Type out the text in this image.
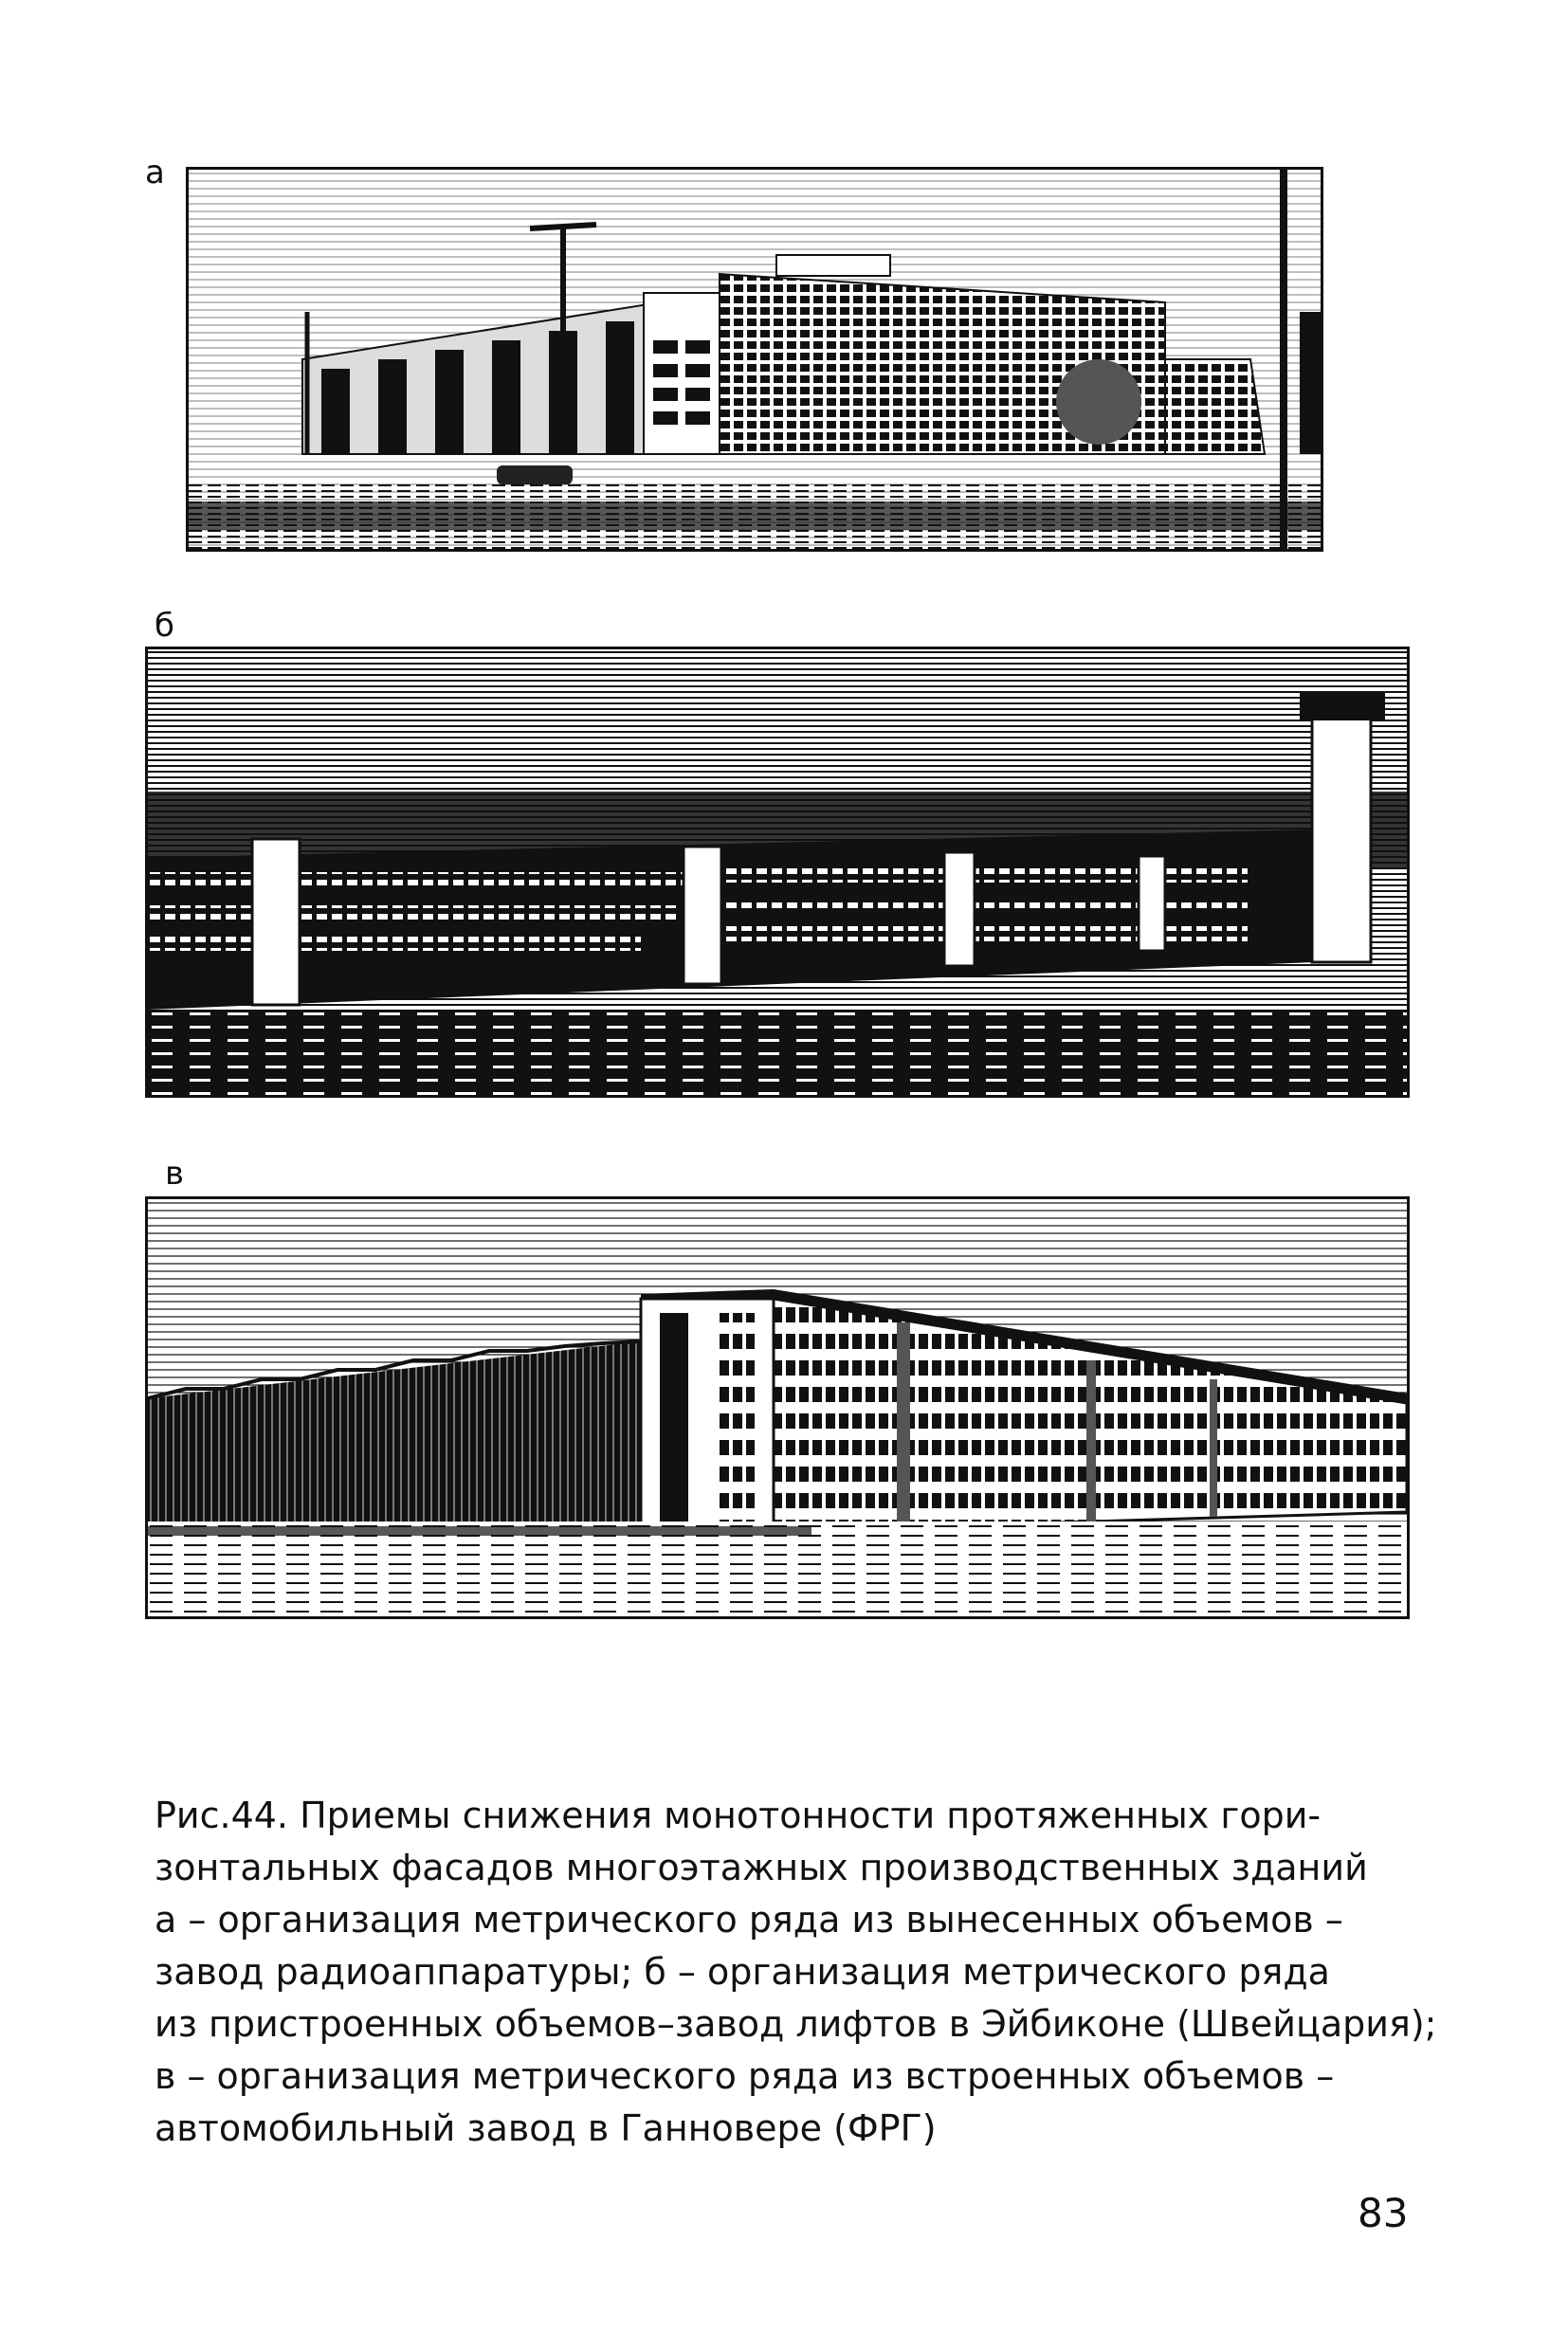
а
б
в
Рис.44. Приемы снижения монотонности протяженных гори-
зонтальных фасадов многоэтажных производственных зданий
а – организация метрического ряда из вынесенных объемов –
завод радиоаппаратуры; б – организация метрического ряда
из пристроенных объемов–завод лифтов в Эйбиконе (Швейцария);
в – организация метрического ряда из встроенных объемов –
автомобильный завод в Ганновере (ФРГ)
83
